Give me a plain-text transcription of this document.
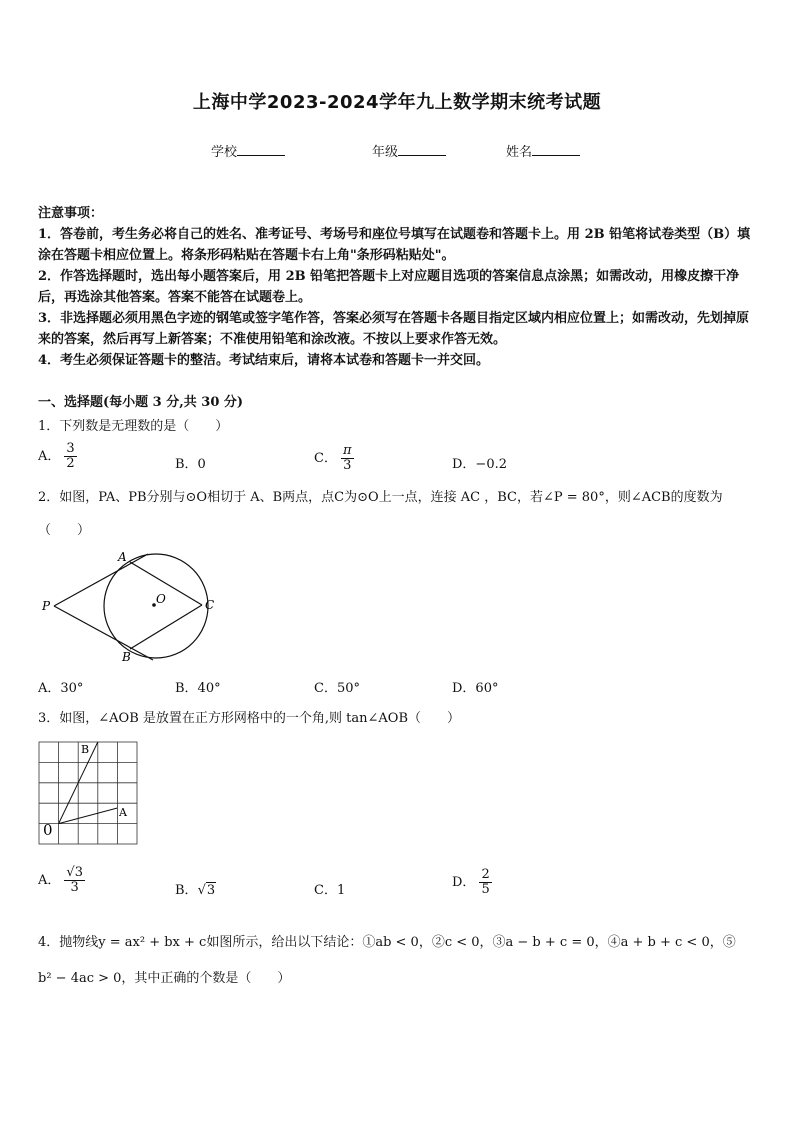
上海中学2023-2024学年九上数学期末统考试题
学校	年级	姓名

注意事项：

1．答卷前，考生务必将自己的姓名、准考证号、考场号和座位号填写在试题卷和答题卡上。用 2B 铅笔将试卷类型（B）填涂在答题卡相应位置上。将条形码粘贴在答题卡右上角"条形码粘贴处"。

2．作答选择题时，选出每小题答案后，用 2B 铅笔把答题卡上对应题目选项的答案信息点涂黑；如需改动，用橡皮擦干净后，再选涂其他答案。答案不能答在试题卷上。

3．非选择题必须用黑色字迹的钢笔或签字笔作答，答案必须写在答题卡各题目指定区域内相应位置上；如需改动，先划掉原来的答案，然后再写上新答案；不准使用铅笔和涂改液。不按以上要求作答无效。

4．考生必须保证答题卡的整洁。考试结束后，请将本试卷和答题卡一并交回。

一、选择题(每小题 3 分,共 30 分)
1．下列数是无理数的是（　　）
A． $\frac{3}{2}$	B．0	C． $\frac{\pi}{3}$	D．−0.2
2．如图，PA、PB分别与⊙O相切于 A、B两点，点C为⊙O上一点，连接 AC ，BC，若∠P = 80°，则∠ACB的度数为（　　）
A
B
C
O
P
A．30°	B．40°	C．50°	D．60°
3．如图，∠AOB 是放置在正方形网格中的一个角,则 tan∠AOB（　　）
B
A
0
A． $\frac{√3}{3}$	B．√3	C．1
D． $\frac{2}{5}$
4．抛物线y = ax² + bx + c如图所示，给出以下结论：①ab < 0，②c < 0，③a − b + c = 0，④a + b + c < 0，⑤
b² − 4ac > 0，其中正确的个数是（　　）
